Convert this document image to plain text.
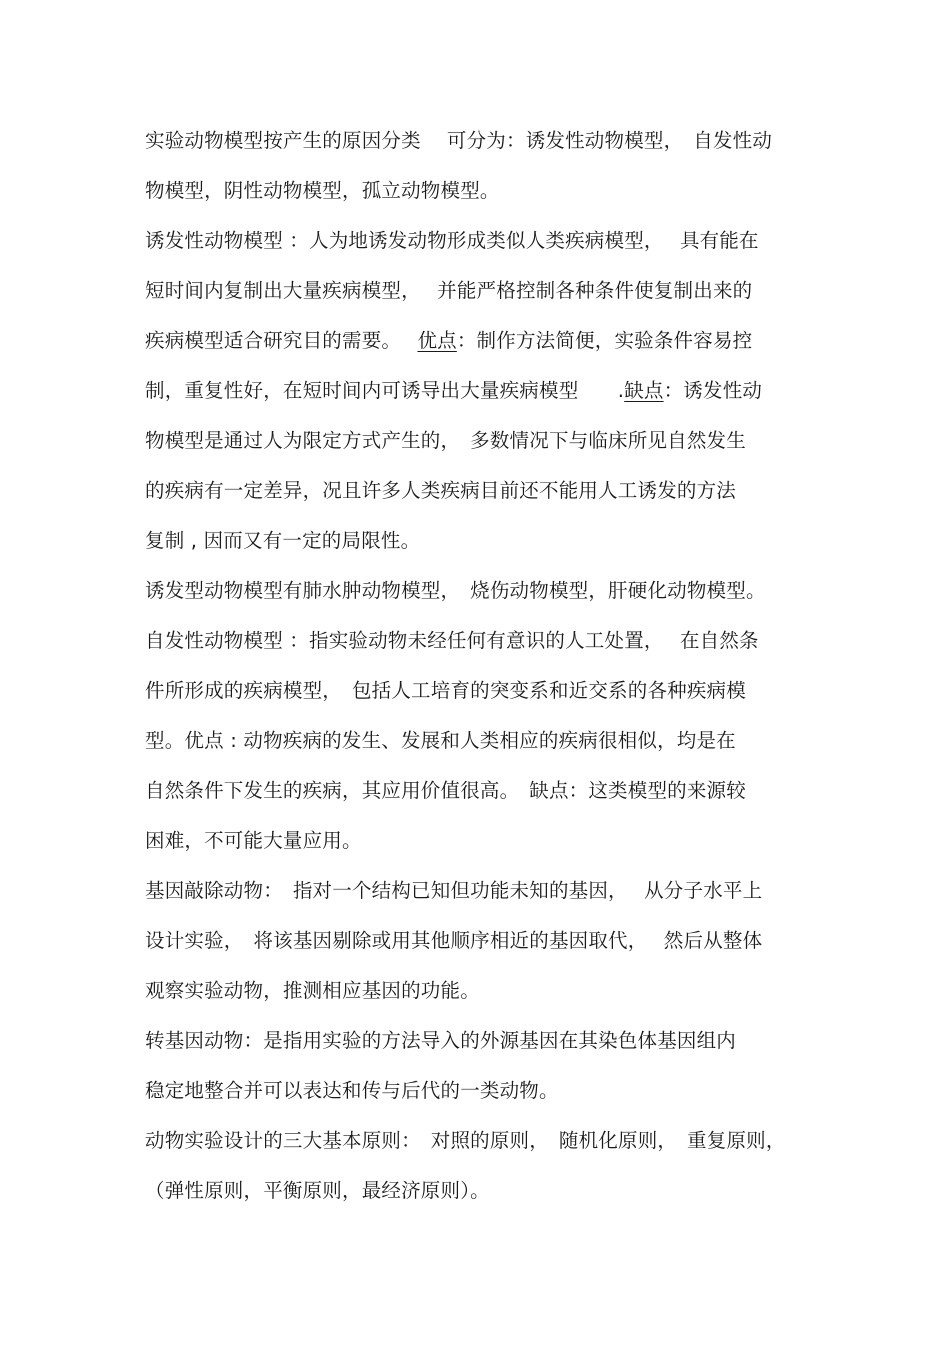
实验动物模型按产生的原因分类　 可分为：诱发性动物模型，　自发性动
物模型，阴性动物模型，孤立动物模型。
诱发性动物模型 ：人为地诱发动物形成类似人类疾病模型，　 具有能在
短时间内复制出大量疾病模型，　 并能严格控制各种条件使复制出来的
疾病模型适合研究目的需要。　 优点：制作方法简便，实验条件容易控
制，重复性好，在短时间内可诱导出大量疾病模型　　.缺点：诱发性动
物模型是通过人为限定方式产生的，　多数情况下与临床所见自然发生
的疾病有一定差异，况且许多人类疾病目前还不能用人工诱发的方法
复制 , 因而又有一定的局限性。
诱发型动物模型有肺水肿动物模型，　烧伤动物模型，肝硬化动物模型。
自发性动物模型 ：指实验动物未经任何有意识的人工处置，　 在自然条
件所形成的疾病模型，　包括人工培育的突变系和近交系的各种疾病模
型。优点 : 动物疾病的发生、发展和人类相应的疾病很相似，均是在
自然条件下发生的疾病，其应用价值很高。　缺点：这类模型的来源较
困难，不可能大量应用。
基因敲除动物：　指对一个结构已知但功能未知的基因，　 从分子水平上
设计实验，　将该基因剔除或用其他顺序相近的基因取代，　 然后从整体
观察实验动物，推测相应基因的功能。
转基因动物：是指用实验的方法导入的外源基因在其染色体基因组内
稳定地整合并可以表达和传与后代的一类动物。
动物实验设计的三大基本原则：　对照的原则，　随机化原则，　重复原则，
（弹性原则，平衡原则，最经济原则）。
